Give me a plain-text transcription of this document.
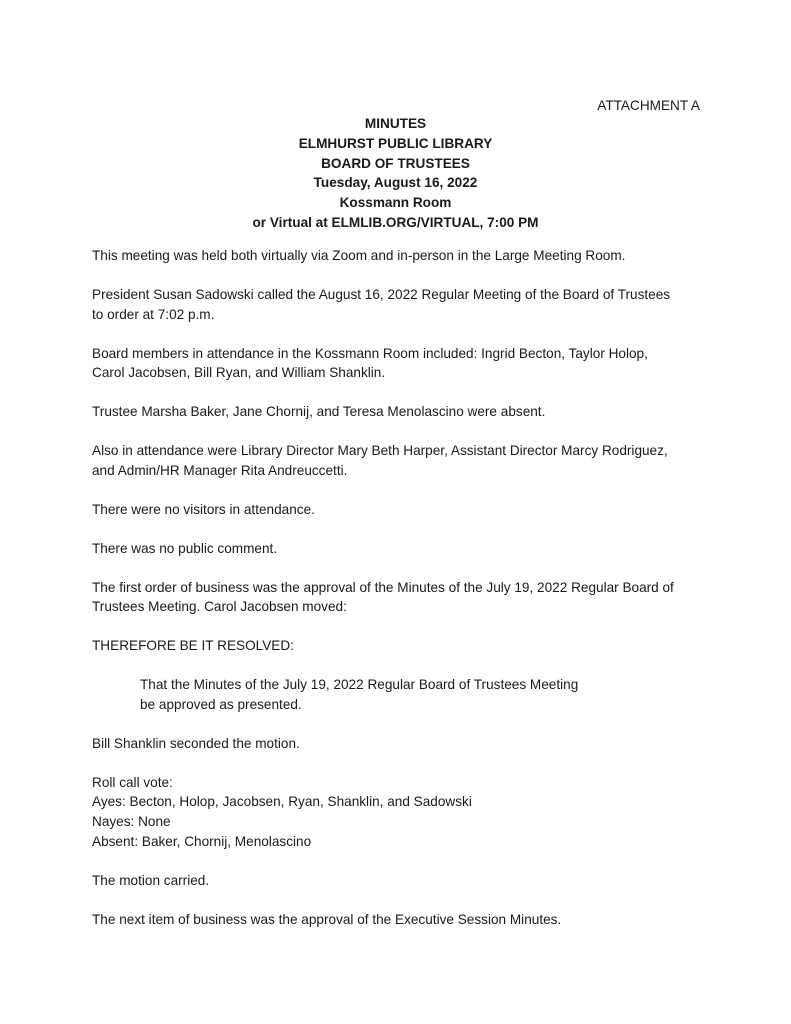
ATTACHMENT A
MINUTES
ELMHURST PUBLIC LIBRARY
BOARD OF TRUSTEES
Tuesday, August 16, 2022
Kossmann Room
or Virtual at ELMLIB.ORG/VIRTUAL, 7:00 PM
This meeting was held both virtually via Zoom and in-person in the Large Meeting Room.
President Susan Sadowski called the August 16, 2022 Regular Meeting of the Board of Trustees
to order at 7:02 p.m.
Board members in attendance in the Kossmann Room included: Ingrid Becton, Taylor Holop,
Carol Jacobsen, Bill Ryan, and William Shanklin.
Trustee Marsha Baker, Jane Chornij, and Teresa Menolascino were absent.
Also in attendance were Library Director Mary Beth Harper, Assistant Director Marcy Rodriguez,
and Admin/HR Manager Rita Andreuccetti.
There were no visitors in attendance.
There was no public comment.
The first order of business was the approval of the Minutes of the July 19, 2022 Regular Board of
Trustees Meeting. Carol Jacobsen moved:
THEREFORE BE IT RESOLVED:
That the Minutes of the July 19, 2022 Regular Board of Trustees Meeting
be approved as presented.
Bill Shanklin seconded the motion.
Roll call vote:
Ayes: Becton, Holop, Jacobsen, Ryan, Shanklin, and Sadowski
Nayes: None
Absent: Baker, Chornij, Menolascino
The motion carried.
The next item of business was the approval of the Executive Session Minutes.
